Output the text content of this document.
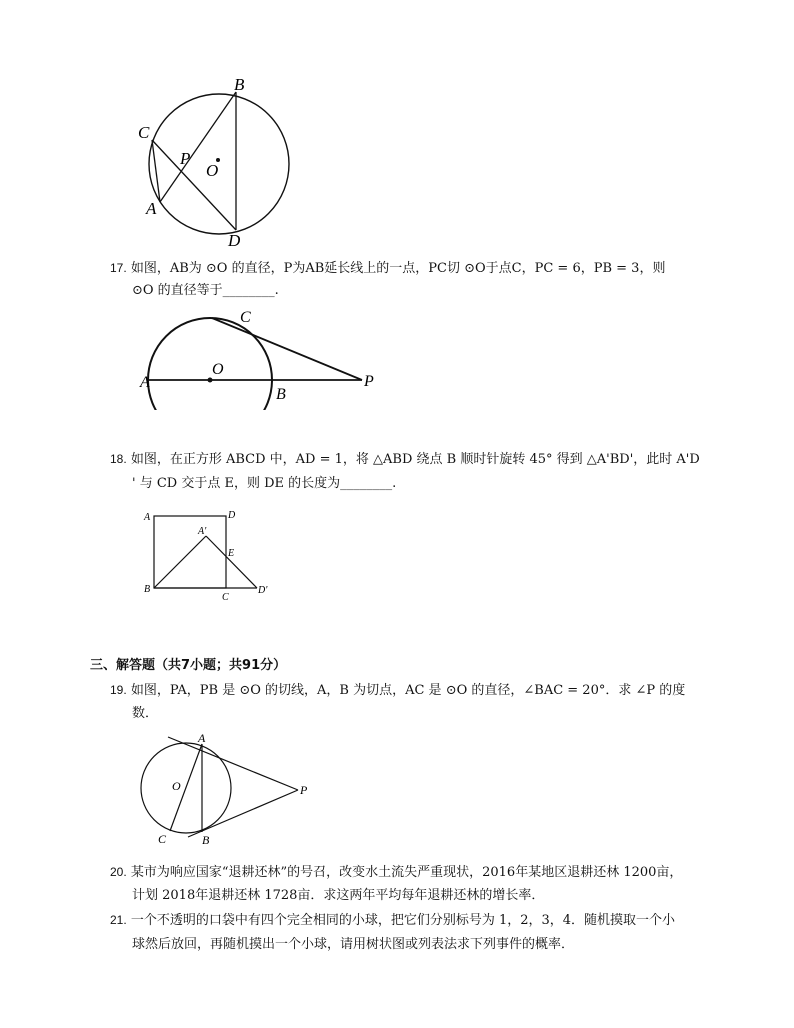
B
C
P
O
A
D
17. 如图，AB为 ⊙O 的直径，P为AB延长线上的一点，PC切 ⊙O于点C，PC = 6，PB = 3，则
⊙O 的直径等于________.
A
O
B
C
P
18. 如图，在正方形 ABCD 中，AD = 1，将 △ABD 绕点 B 顺时针旋转 45° 得到 △A'BD'，此时 A'D
' 与 CD 交于点 E，则 DE 的长度为________.
A	D
A'
E
B
C
D'
三、解答题（共7小题；共91分）
19. 如图，PA，PB 是 ⊙O 的切线，A，B 为切点，AC 是 ⊙O 的直径，∠BAC = 20°．求 ∠P 的度
数．
A
O	P
C	B
20. 某市为响应国家“退耕还林”的号召，改变水土流失严重现状，2016年某地区退耕还林 1200亩，
计划 2018年退耕还林 1728亩．求这两年平均每年退耕还林的增长率．
21. 一个不透明的口袋中有四个完全相同的小球，把它们分别标号为 1，2，3，4．随机摸取一个小
球然后放回，再随机摸出一个小球，请用树状图或列表法求下列事件的概率．
